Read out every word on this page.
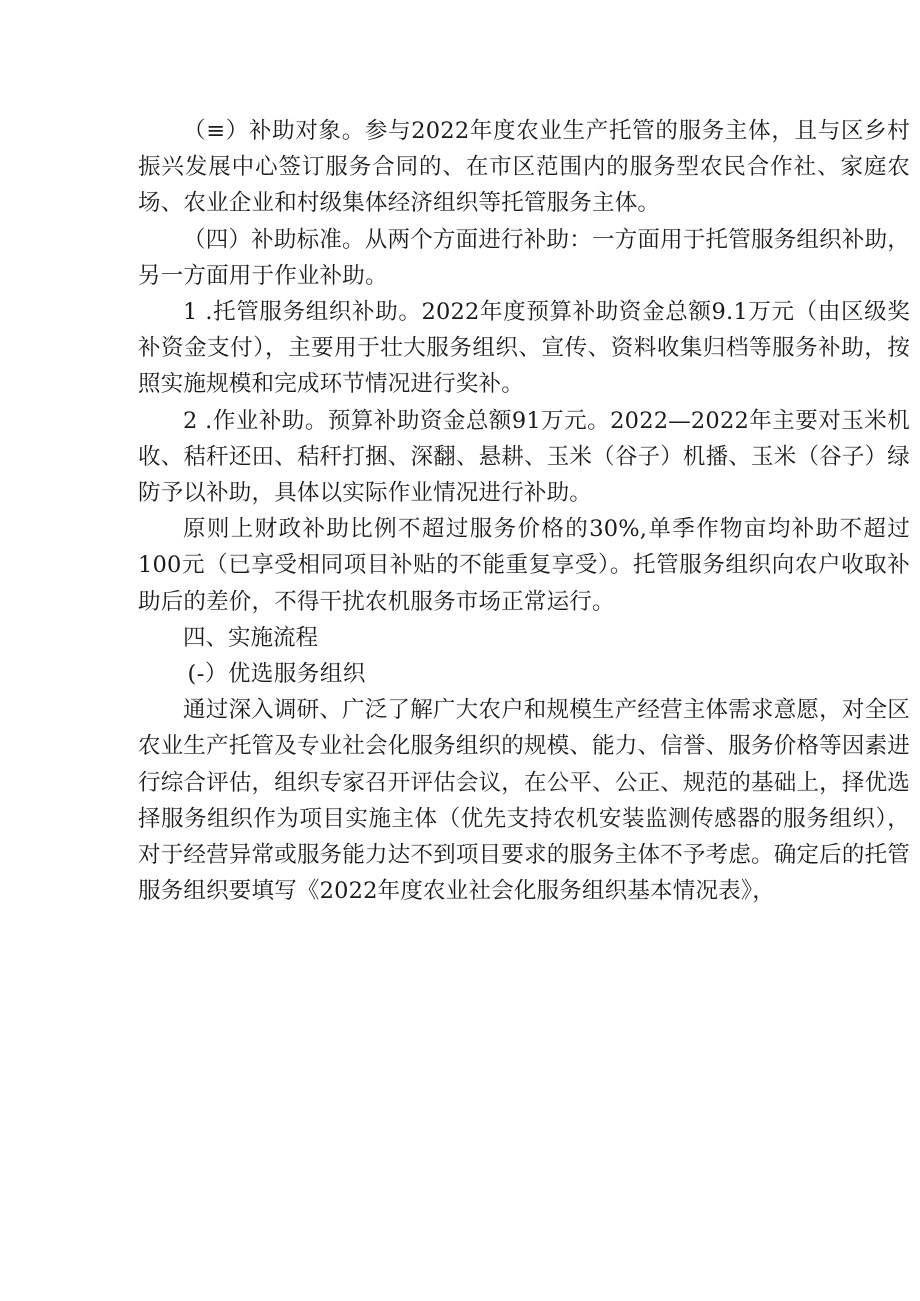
（≡）补助对象。参与2022年度农业生产托管的服务主体，且与区乡村振兴发展中心签订服务合同的、在市区范围内的服务型农民合作社、家庭农场、农业企业和村级集体经济组织等托管服务主体。

（四）补助标准。从两个方面进行补助：一方面用于托管服务组织补助，另一方面用于作业补助。

1 .托管服务组织补助。2022年度预算补助资金总额9.1万元（由区级奖补资金支付），主要用于壮大服务组织、宣传、资料收集归档等服务补助，按照实施规模和完成环节情况进行奖补。

2 .作业补助。预算补助资金总额91万元。2022—2022年主要对玉米机收、秸秆还田、秸秆打捆、深翻、悬耕、玉米（谷子）机播、玉米（谷子）绿防予以补助，具体以实际作业情况进行补助。

原则上财政补助比例不超过服务价格的30%,单季作物亩均补助不超过100元（已享受相同项目补贴的不能重复享受）。托管服务组织向农户收取补助后的差价，不得干扰农机服务市场正常运行。

四、实施流程

(-）优选服务组织

通过深入调研、广泛了解广大农户和规模生产经营主体需求意愿，对全区农业生产托管及专业社会化服务组织的规模、能力、信誉、服务价格等因素进行综合评估，组织专家召开评估会议，在公平、公正、规范的基础上，择优选择服务组织作为项目实施主体（优先支持农机安装监测传感器的服务组织），对于经营异常或服务能力达不到项目要求的服务主体不予考虑。确定后的托管服务组织要填写《2022年度农业社会化服务组织基本情况表》，
